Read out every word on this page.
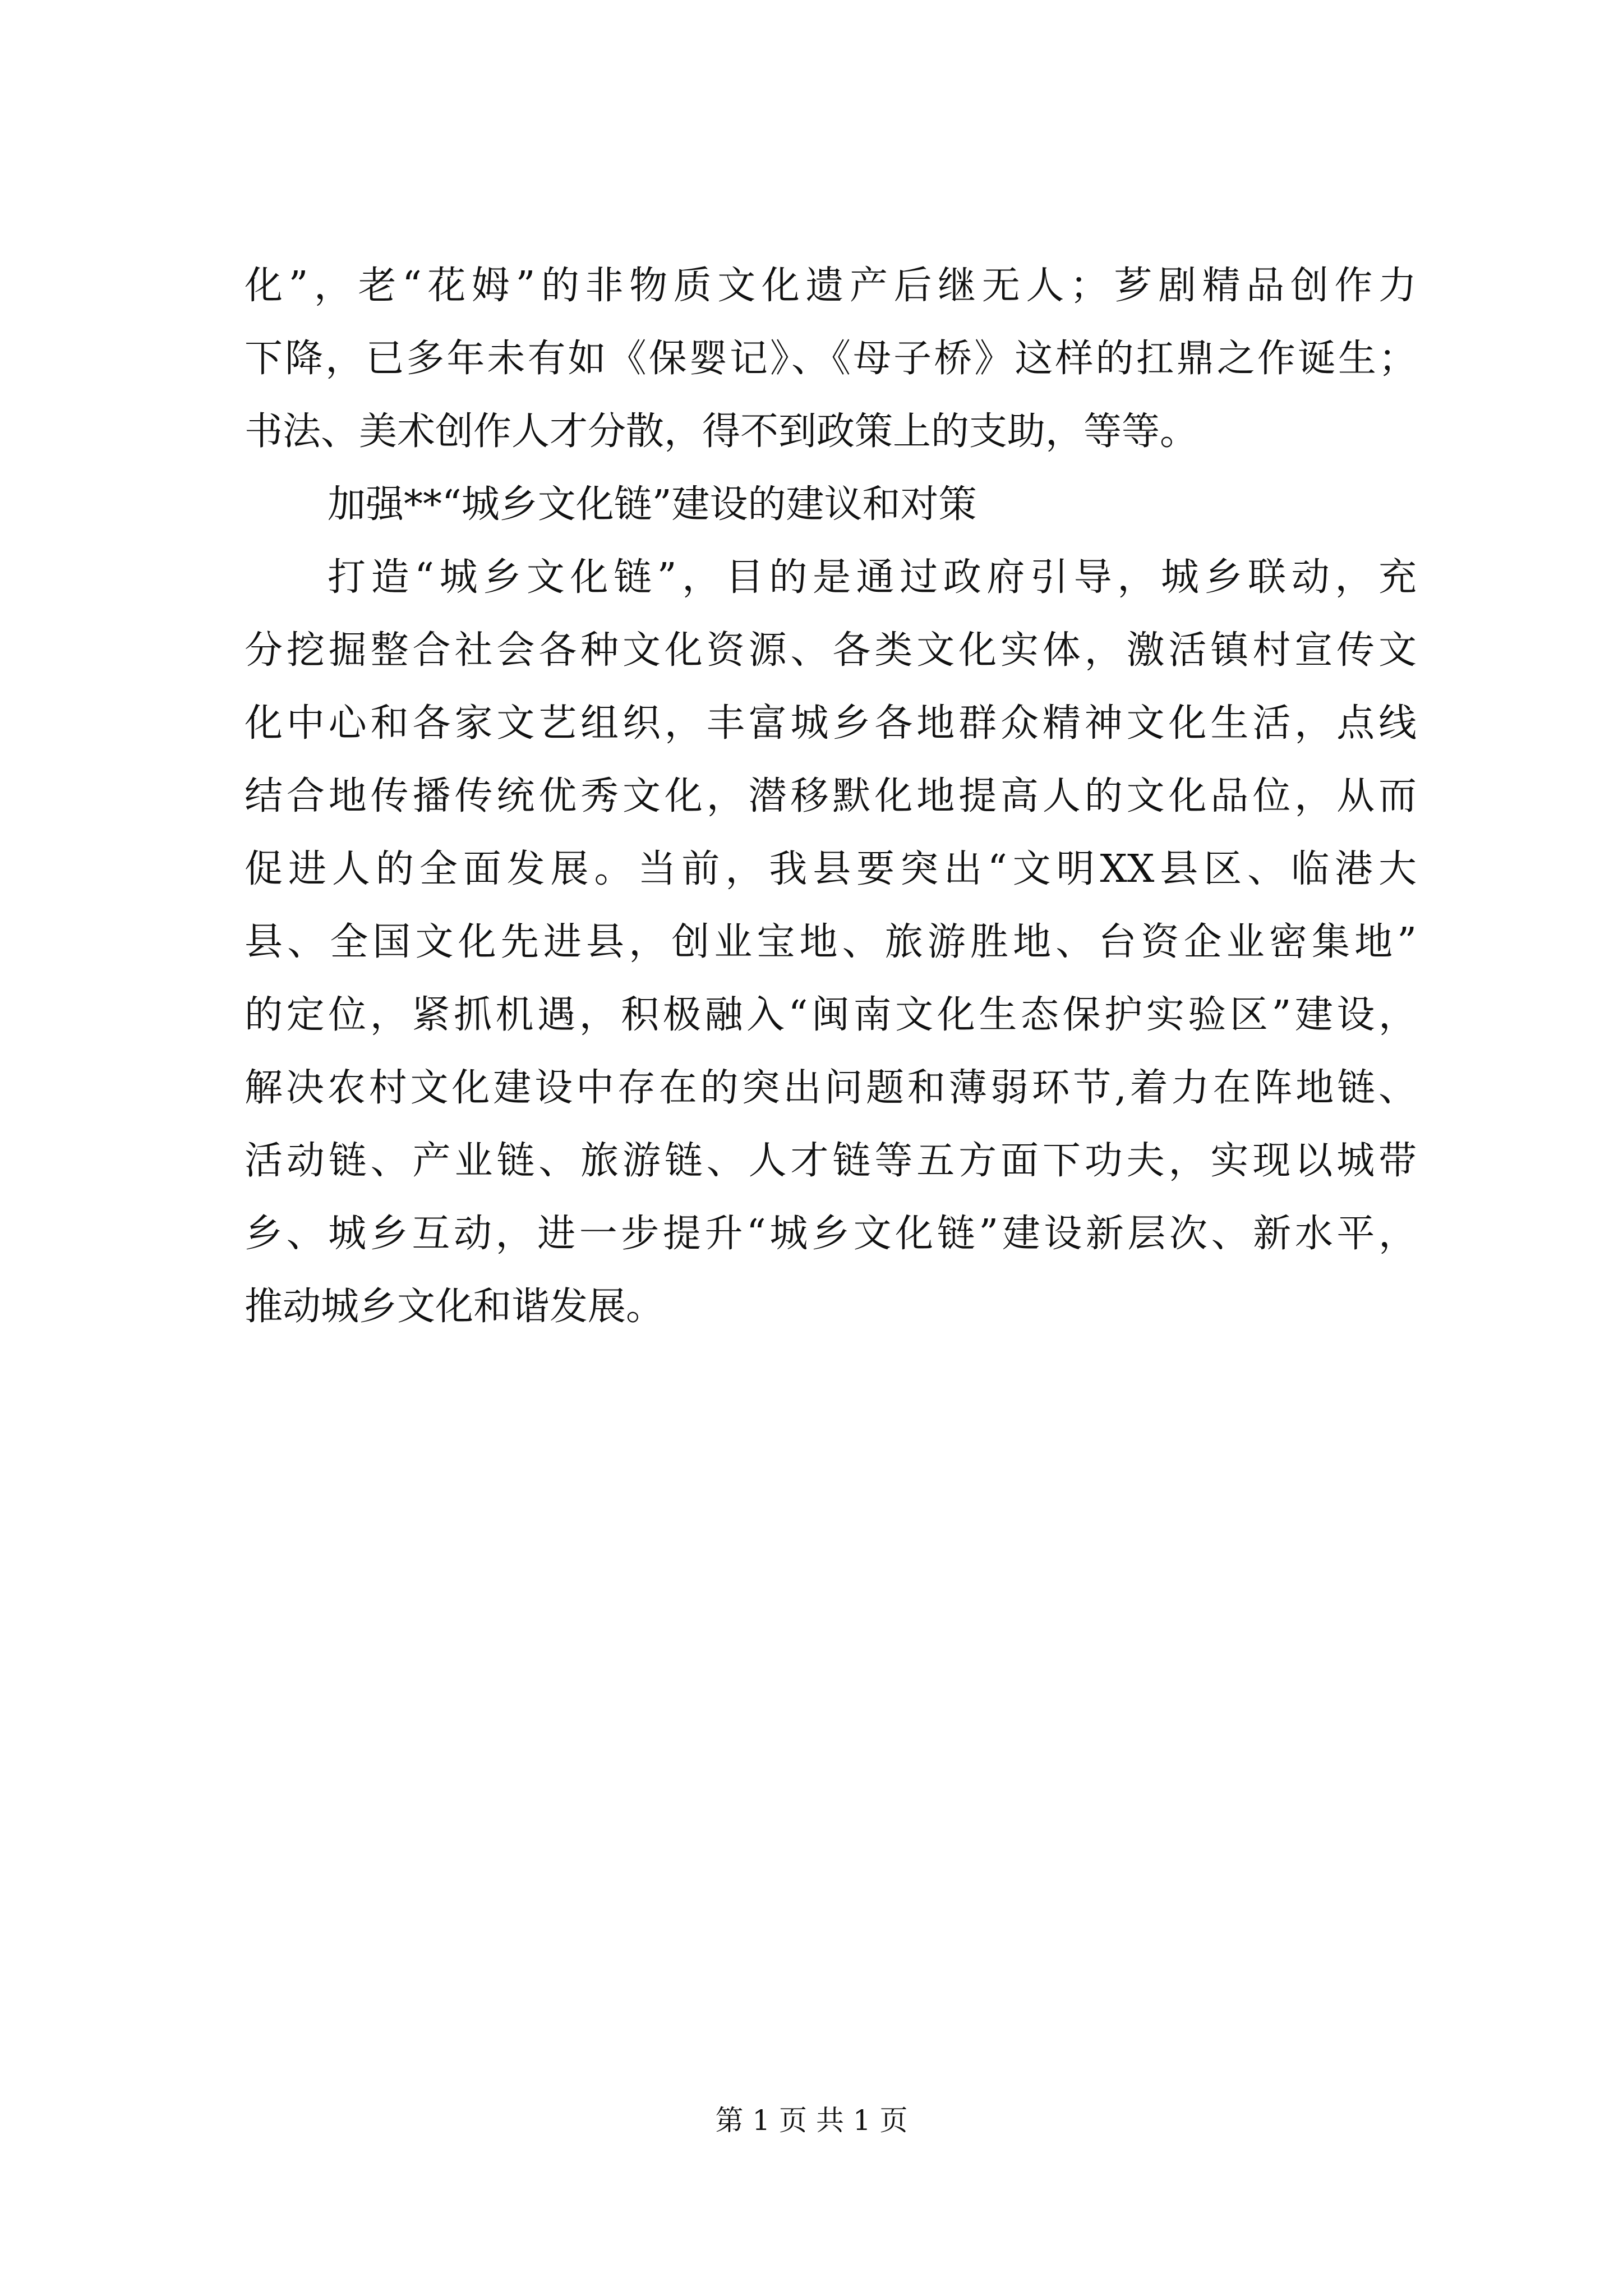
化”，老“花姆”的非物质文化遗产后继无人；芗剧精品创作力
下降，已多年未有如《保婴记》、《母子桥》这样的扛鼎之作诞生；
书法、美术创作人才分散，得不到政策上的支助，等等。
加强**“城乡文化链”建设的建议和对策
打造“城乡文化链”，目的是通过政府引导，城乡联动，充
分挖掘整合社会各种文化资源、各类文化实体，激活镇村宣传文
化中心和各家文艺组织，丰富城乡各地群众精神文化生活，点线
结合地传播传统优秀文化，潜移默化地提高人的文化品位，从而
促进人的全面发展。当前，我县要突出“文明XX县区、临港大
县、全国文化先进县，创业宝地、旅游胜地、台资企业密集地”
的定位，紧抓机遇，积极融入“闽南文化生态保护实验区”建设，
解决农村文化建设中存在的突出问题和薄弱环节,着力在阵地链、
活动链、产业链、旅游链、人才链等五方面下功夫，实现以城带
乡、城乡互动，进一步提升“城乡文化链”建设新层次、新水平，
推动城乡文化和谐发展。
第 1 页 共 1 页
